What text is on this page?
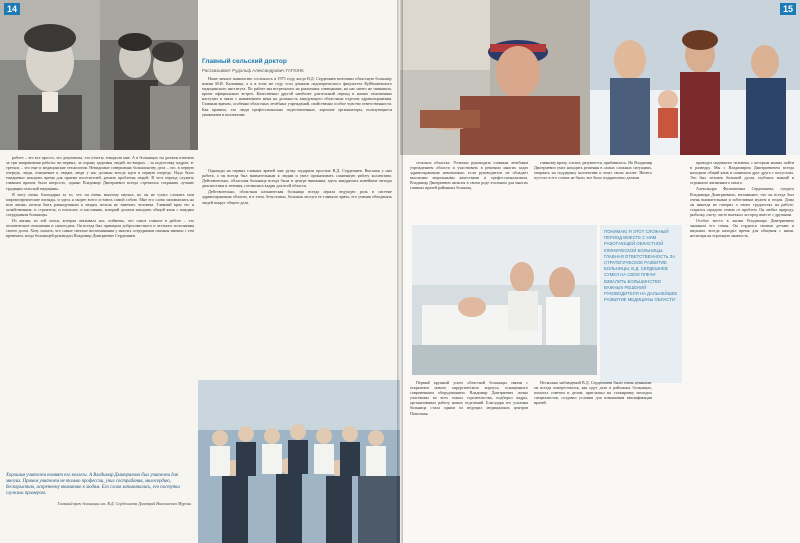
14
Главный сельский доктор
Рассказывает Рудольф Александрович ГАГЮНК

Наше личное знакомство состоялось в 1975 году, когда В.Д. Сердешнев возглавил областную больницу имени М.И. Калинина, а я в этом же году стал деканом педиатрического факультета Куйбышевского медицинского института. По работе мы встречались на различных совещаниях, но нас ничто не связывало, кроме официальных встреч. Качественно другой наиболее длительный период в наших отношениях наступил в связи с назначением меня на должность заведующего областным отделом здравоохранения. Главным врачам, особенно областных лечебных учреждений, свойственно особое чувство ответственности. Как правило, это люди профессионально подготовленные, хорошие организаторы, пользующиеся уважением в коллективе.

Однажды на первых главных врачей мне ручку подарили простые В.Д. Сердешнев. Высокая у них работа, а он всегда был внимательным к людям и умел организовать слаженную работу коллектива. Действительно, областная больница всегда была в центре внимания, здесь внедрялись новейшие методы диагностики и лечения, готовились кадры для всей области.

Действительно, областная клиническая больница всегда играла ведущую роль в системе здравоохранения области, и в этом, безусловно, большая заслуга ее главного врача, его умения объединять людей вокруг общего дела.

работе – это все просто, это документы, это отчеты, говорили мне. А в больницах ты должен отвечать за три направления работы: во-первых, за охрану здоровья людей, во-вторых – за подготовку кадров, в-третьих – это еще и медицинские технологии. Невидимые совершенно большинству дела – это, в первую очередь, люди, отношение к людям, люди у нас должны всегда идти в первую очередь. Надо было ежедневно находить время для приема посетителей, решать проблемы людей. В этот период служить главным врачом было непросто, однако Владимир Дмитриевич всегда стремился сохранять лучшие традиции сельской медицины.

Я могу очень благодарна за то, что он очень многому научил, но он не сумел сложить мои мировоззренческие взгляды, и здесь я скорее всего остаюсь самой собою. Мне его слова запомнились на всю жизнь: нельзя быть равнодушным к людям, нельзя не замечать человека. Главный врач это и хозяйственник, и строитель, и психолог, и наставник, который должен находить общий язык с каждым сотрудником больницы.

Из жизни, из той эпохи, которая связывала нас, поймешь, что самое главное в работе – это человеческие отношения и самоотдача. Он всегда был примером добросовестного и честного исполнения своего долга. Хочу сказать, что самые светлые воспоминания у многих сотрудников связаны именно с тем временем, когда больницей руководил Владимир Дмитриевич Сердешнев.

Хорошим учителем помнят его коллеги. А Владимир Дмитриевич был учителем для многих. Причем учителем не только профессии, учил сострадания, милосердию, бескорыстию, искреннему вниманию к людям. Его слова запоминались, его поступки служили примером.
Главный врач больницы им. В.Д. Сердешнева Дмитрий Николаевич Мурзин
15

сельских областях. Успешно руководить главным лечебным учреждением области и участвовать в решении многих задач здравоохранения невозможно, если руководитель не обладает высокими моральными качествами и профессионализмом. Владимир Дмитриевич являлся в своем роде эталоном для многих главных врачей районных больниц.

главному врачу, хлопот, разумеется, прибавилось. Но Владимир Дмитриевич умел находить решения в самых сложных ситуациях, опираясь на поддержку коллектива и опыт своих коллег. Ничего пустого в его словах не было, все было подкреплено делами.

ПОНИМАЮ Я ЭТОТ СЛОЖНЫЙ ПЕРИОД ВМЕСТЕ С НИМ РАБОТАЮЩЕЙ ОБЛАСТНОЙ КЛИНИЧЕСКОЙ БОЛЬНИЦЫ. ГЛАВНАЯ ОТВЕТСТВЕННОСТЬ ЗА СТРАТЕГИЧЕСКОЕ РАЗВИТИЕ БОЛЬНИЦЫ, В.Д. СЕРДЕШНЕВ СУМЕЛ НА СВОИ ПЛЕЧИ ВЗВАЛИТЬ БОЛЬШИНСТВО ВАЖНЫХ РЕШЕНИЙ РУКОВОДИТЕЛЯ НА ДАЛЬНЕЙШЕЕ РАЗВИТИЕ МЕДИЦИНЫ ОБЛАСТИ

Первый крупный успех областной больницы связан с открытием нового хирургического корпуса, оснащенного современным оборудованием. Владимир Дмитриевич лично участвовал во всех этапах строительства, подбирал кадры, организовывал работу новых отделений. Благодаря его усилиям больница стала одним из ведущих медицинских центров Поволжья.

Несколько наблюдений В.Д. Сердешнева были очень ценными: он всегда интересовался, как идут дела в районных больницах, помогал советом и делом, приглашал на стажировку молодых специалистов, создавал условия для повышения квалификации врачей.

проводит надежного человека, с которым можно пойти в разведку. Мы с Владимиром Дмитриевичем всегда находили общий язык и понимали друг друга с полуслова. Это был человек большой души, глубоких знаний и огромного жизненного опыта.

Александра Филипповна Сердешнева, супруга Владимира Дмитриевича, вспоминает, что он всегда был очень внимательным и заботливым мужем и отцом. Дома он никогда не говорил о своих трудностях на работе, старался оградить семью от проблем. Он любил природу, рыбалку, охоту, часто выезжал за город вместе с друзьями.

Особое место в жизни Владимира Дмитриевича занимала его семья. Он гордился своими детьми и внуками, всегда находил время для общения с ними, несмотря на огромную занятость.
